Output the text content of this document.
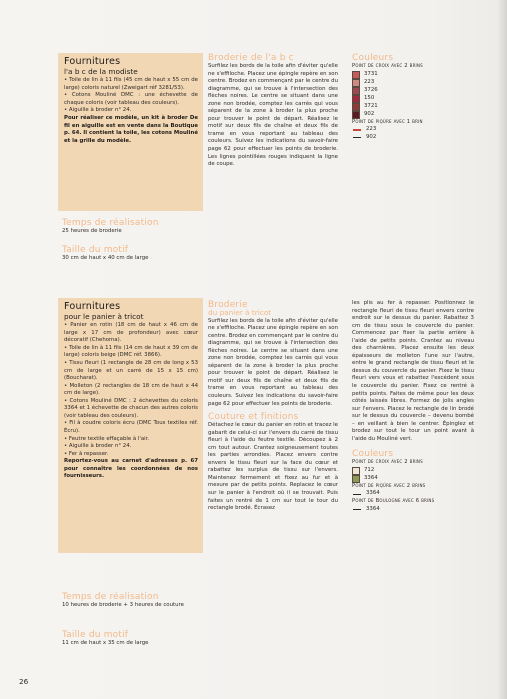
Fournitures
l'a b c de la modiste
• Toile de lin à 11 fils (45 cm de haut x 55 cm de large) coloris naturel (Zweigart réf 3281/53).
• Cotons Mouliné DMC : une échevette de chaque coloris (voir tableau des couleurs).
• Aiguille à broder n° 24.

Pour réaliser ce modèle, un kit à broder De fil en aiguille est en vente dans la Boutique p. 64. Il contient la toile, les cotons Mouliné et la grille du modèle.

Temps de réalisation
25 heures de broderie
Taille du motif
30 cm de haut x 40 cm de large
Broderie de l'a b c

Surfilez les bords de la toile afin d'éviter qu'elle ne s'effiloche. Placez une épingle repère en son centre. Brodez en commençant par le centre du diagramme, qui se trouve à l'intersection des flèches noires. Le centre se situant dans une zone non brodée, comptez les carrés qui vous séparent de la zone à broder la plus proche pour trouver le point de départ. Réalisez le motif sur deux fils de chaîne et deux fils de trame en vous reportant au tableau des couleurs. Suivez les indications du savoir-faire page 62 pour effectuer les points de broderie. Les lignes pointillées rouges indiquent la ligne de coupe.

Couleurs
Point de croix avec 2 brins
3731
223
3726
150
3721
902
Point de piqûre avec 1 brin
223
902
Fournitures
pour le panier à tricot
• Panier en rotin (18 cm de haut x 46 cm de large x 17 cm de profondeur) avec cœur décoratif (Chehoma).
• Toile de lin à 11 fils (14 cm de haut x 39 cm de large) coloris beige (DMC réf. 3866).
• Tissu fleuri (1 rectangle de 28 cm de long x 53 cm de large et un carré de 15 x 15 cm) (Boucharat).
• Molleton (2 rectangles de 18 cm de haut x 44 cm de large).
• Cotons Mouliné DMC : 2 échevettes du coloris 3364 et 1 échevette de chacun des autres coloris (voir tableau des couleurs).
• Fil à coudre coloris écru (DMC Tous textiles réf. Écru).
• Feutre textile effaçable à l'air.
• Aiguille à broder n° 24.
• Fer à repasser.

Reportez-vous au carnet d'adresses p. 67 pour connaître les coordonnées de nos fournisseurs.

Temps de réalisation
10 heures de broderie + 3 heures de couture
Taille du motif
11 cm de haut x 35 cm de large
Broderie
du panier à tricot

Surfilez les bords de la toile afin d'éviter qu'elle ne s'effiloche. Placez une épingle repère en son centre. Brodez en commençant par le centre du diagramme, qui se trouve à l'intersection des flèches noires. Le centre se situant dans une zone non brodée, comptez les carrés qui vous séparent de la zone à broder la plus proche pour trouver le point de départ. Réalisez le motif sur deux fils de chaîne et deux fils de trame en vous reportant au tableau des couleurs. Suivez les indications du savoir-faire page 62 pour effectuer les points de broderie.

Couture et finitions

Détachez le cœur du panier en rotin et tracez le gabarit de celui-ci sur l'envers du carré de tissu fleuri à l'aide du feutre textile. Découpez à 2 cm tout autour. Crantez soigneusement toutes les parties arrondies. Placez envers contre envers le tissu fleuri sur la face du cœur et rabattez les surplus de tissu sur l'envers. Maintenez fermement et fixez au fur et à mesure par de petits points. Replacez le cœur sur le panier à l'endroit où il se trouvait. Puis faites un rentré de 1 cm sur tout le tour du rectangle brodé. Écrasez

les plis au fer à repasser. Positionnez le rectangle fleuri de tissu fleuri envers contre endroit sur le dessus du panier. Rabattez 3 cm de tissu sous le couvercle du panier. Commencez par fixer la partie arrière à l'aide de petits points. Crantez au niveau des charnières. Placez ensuite les deux épaisseurs de molleton l'une sur l'autre, entre le grand rectangle de tissu fleuri et le dessus du couvercle du panier. Fixez le tissu fleuri vers vous et rabattez l'excédent sous le couvercle du panier. Fixez ce rentré à petits points. Faites de même pour les deux côtés laissés libres. Formez de jolis angles sur l'envers. Placez le rectangle de lin brodé sur le dessus du couvercle – devenu bombé – en veillant à bien le centrer. Épinglez et brodez sur tout le tour un point avant à l'aide du Mouliné vert.

Couleurs
Point de croix avec 2 brins
712
3364
Point de piqûre avec 2 brins
3364
Point de Boulogne avec 6 brins
3364
26
